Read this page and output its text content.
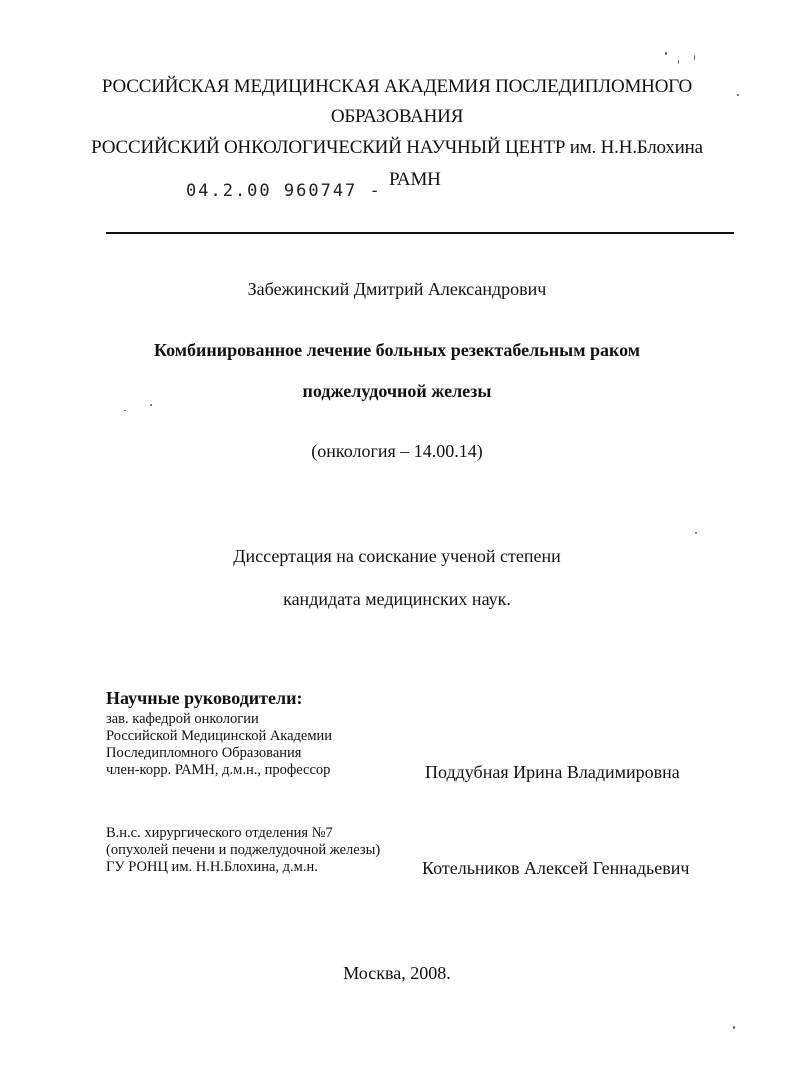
РОССИЙСКАЯ МЕДИЦИНСКАЯ АКАДЕМИЯ ПОСЛЕДИПЛОМНОГО
ОБРАЗОВАНИЯ
РОССИЙСКИЙ ОНКОЛОГИЧЕСКИЙ НАУЧНЫЙ ЦЕНТР им. Н.Н.Блохина
РАМН
04.2.00 960747 -
Забежинский Дмитрий Александрович
Комбинированное лечение больных резектабельным раком
поджелудочной железы
(онкология – 14.00.14)
Диссертация на соискание ученой степени
кандидата медицинских наук.
Научные руководители:
зав. кафедрой онкологии
Российской Медицинской Академии
Последипломного Образования
член-корр. РАМН, д.м.н., профессор	Поддубная Ирина Владимировна
В.н.с. хирургического отделения №7
(опухолей печени и поджелудочной железы)
ГУ РОНЦ им. Н.Н.Блохина, д.м.н.	Котельников Алексей Геннадьевич
Москва, 2008.
